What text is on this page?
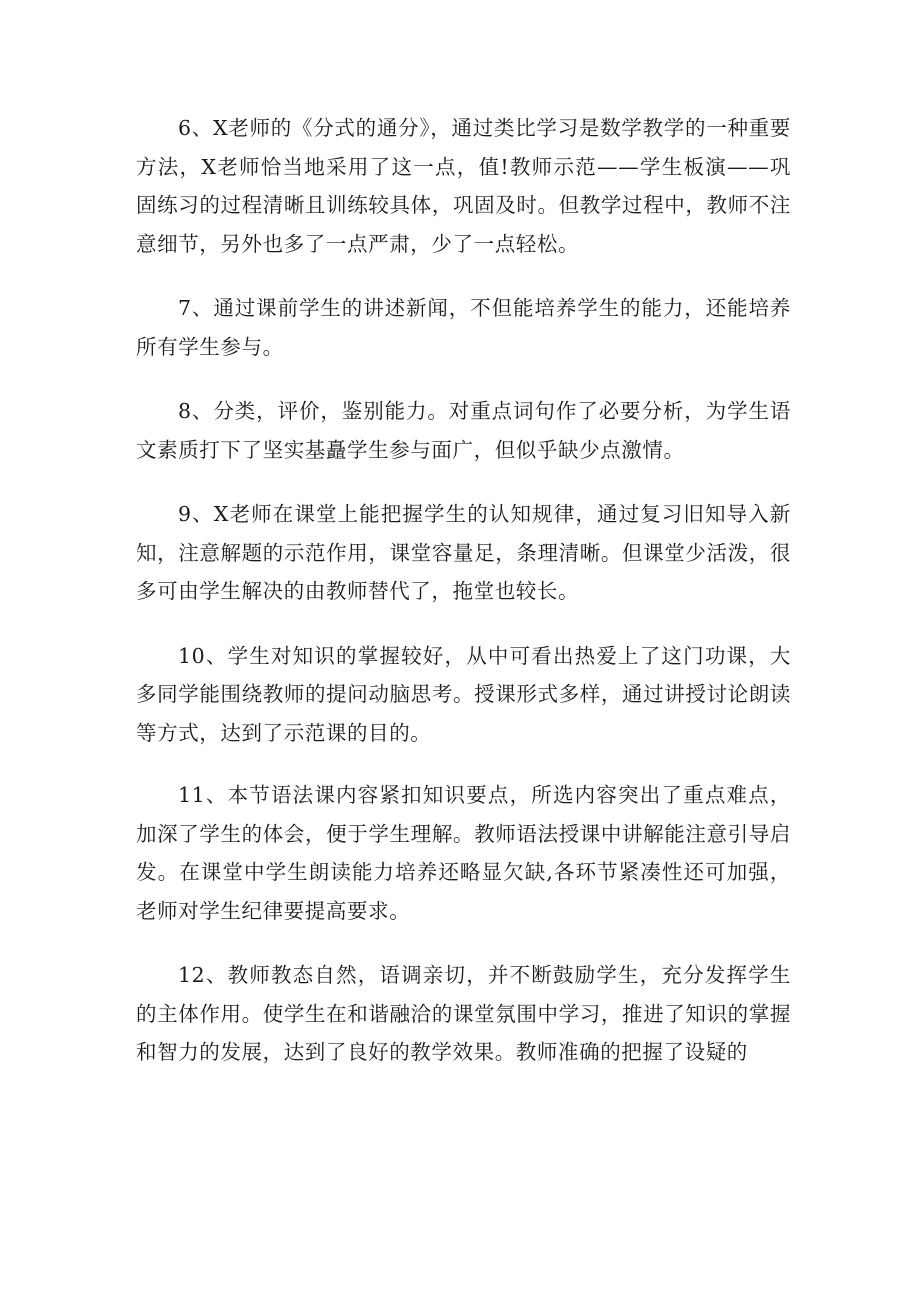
6、X老师的《分式的通分》，通过类比学习是数学教学的一种重要方法，X老师恰当地采用了这一点，值!教师示范——学生板演——巩固练习的过程清晰且训练较具体，巩固及时。但教学过程中，教师不注意细节，另外也多了一点严肃，少了一点轻松。

7、通过课前学生的讲述新闻，不但能培养学生的能力，还能培养所有学生参与。

8、分类，评价，鉴别能力。对重点词句作了必要分析，为学生语文素质打下了坚实基矗学生参与面广，但似乎缺少点激情。

9、X老师在课堂上能把握学生的认知规律，通过复习旧知导入新知，注意解题的示范作用，课堂容量足，条理清晰。但课堂少活泼，很多可由学生解决的由教师替代了，拖堂也较长。

10、学生对知识的掌握较好，从中可看出热爱上了这门功课，大多同学能围绕教师的提问动脑思考。授课形式多样，通过讲授讨论朗读等方式，达到了示范课的目的。

11、本节语法课内容紧扣知识要点，所选内容突出了重点难点，加深了学生的体会，便于学生理解。教师语法授课中讲解能注意引导启发。在课堂中学生朗读能力培养还略显欠缺,各环节紧凑性还可加强，老师对学生纪律要提高要求。

12、教师教态自然，语调亲切，并不断鼓励学生，充分发挥学生的主体作用。使学生在和谐融洽的课堂氛围中学习，推进了知识的掌握和智力的发展，达到了良好的教学效果。教师准确的把握了设疑的
